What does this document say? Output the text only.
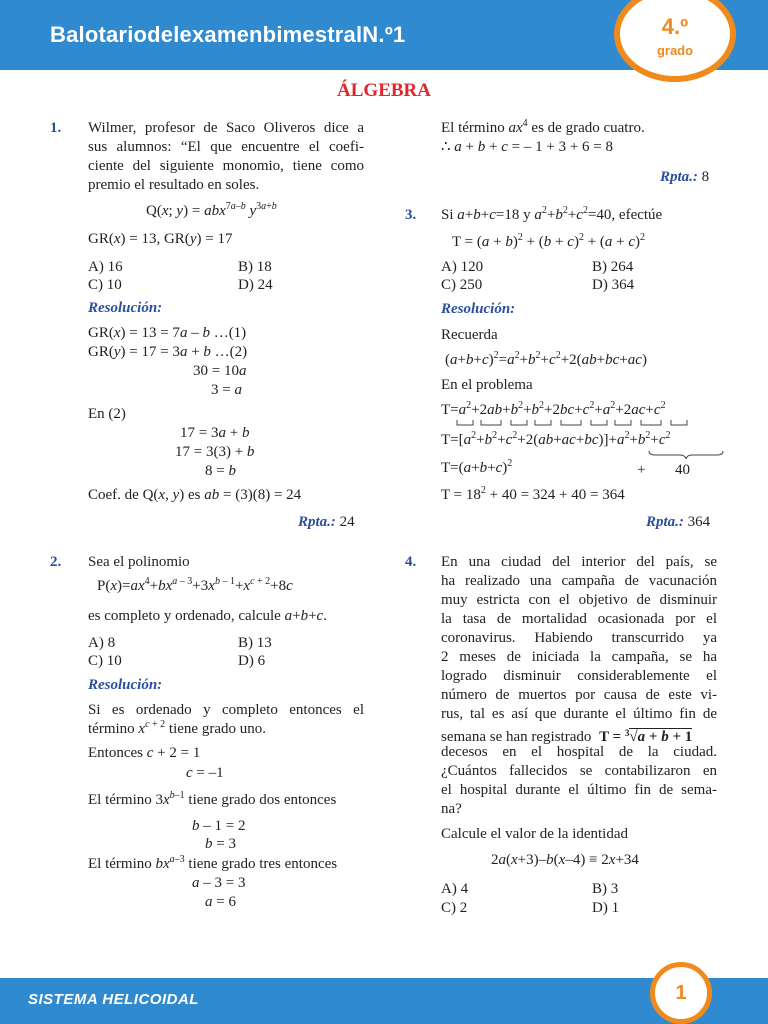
BalotariodelexamenbimestralN.º1	4.º
grado
ÁLGEBRA
1. Wilmer, profesor de Saco Oliveros dice a
sus alumnos: “El que encuentre el coefi-
ciente del siguiente monomio, tiene como
premio el resultado en soles.
Q(x; y) = abx$^{7a-b}$ $y^{3a+b}$
GR(x) = 13, GR(y) = 17
A) 16	B) 18
C) 10	D) 24
Resolución:
GR(x) = 13 = 7a – b …(1)
GR(y) = 17 = 3a + b …(2)
30 = 10a
3 = a
En (2)
17 = 3a + b
17 = 3(3) + b
8 = b
Coef. de Q(x, y) es ab = (3)(8) = 24
Rpta.: 24
2. Sea el polinomio
$P(x)=ax^4+bx^{a - 3}+3x^{b - 1}+x^{c + 2}+8c$
es completo y ordenado, calcule a+b+c.
A) 8	B) 13
C) 10	D) 6
Resolución:
Si es ordenado y completo entonces el
término $x^{c + 2}$ tiene grado uno.
Entonces c + 2 = 1
c = –1
El término $3x^{b-1}$ tiene grado dos entonces
b – 1 = 2
b = 3
El término $bx^{a-3}$ tiene grado tres entonces
a – 3 = 3
a = 6
El término $ax^4$ es de grado cuatro.
∴ a + b + c = – 1 + 3 + 6 = 8
Rpta.: 8
3. Si a+b+c=18 y $a^2+b^2+c^2=40$, efectúe
$T = (a + b)^2 + (b + c)^2 + (a + c)^2$
A) 120	B) 264
C) 250	D) 364
Resolución:
Recuerda
$(a+b+c)^2=a^2+b^2+c^2+2(ab+bc+ac)$
En el problema
$T=a^2+2ab+b^2+b^2+2bc+c^2+a^2+2ac+c^2$
$T=[a^2+b^2+c^2+2(ab+ac+bc)]+a^2+b^2+c^2$
$T=(a+b+c)^2$	+ 40
$T = 18^2 + 40 = 324 + 40 = 364$
Rpta.: 364
4. En una ciudad del interior del país, se
ha realizado una campaña de vacunación
muy estricta con el objetivo de disminuir
la tasa de mortalidad ocasionada por el
coronavirus. Habiendo transcurrido ya
2 meses de iniciada la campaña, se ha
logrado disminuir considerablemente el
número de muertos por causa de este vi-
rus, tal es así que durante el último fin de
semana se han registrado T = $^3$√a + b + 1
decesos en el hospital de la ciudad.
¿Cuántos fallecidos se contabilizaron en
el hospital durante el último fin de sema-
na?
Calcule el valor de la identidad
2a(x+3)–b(x–4) ≡ 2x+34
A) 4	B) 3
C) 2	D) 1
SISTEMA HELICOIDAL	1
